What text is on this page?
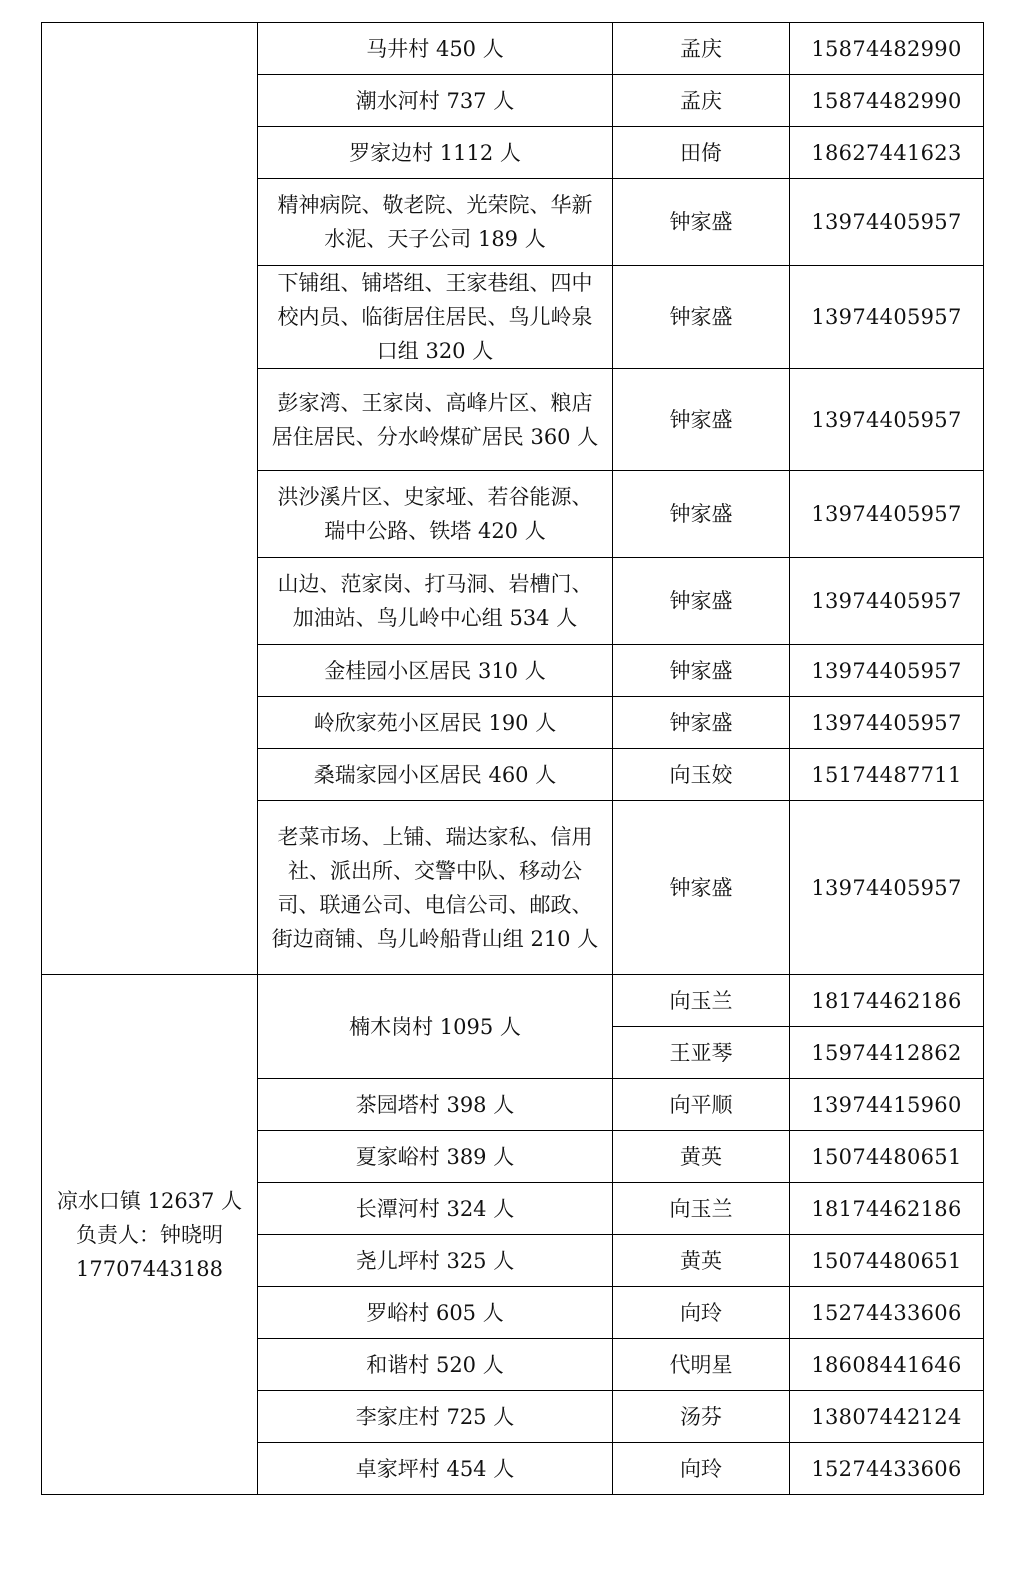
	马井村 450 人	孟庆	15874482990
	潮水河村 737 人	孟庆	15874482990
	罗家边村 1112 人	田倚	18627441623
	精神病院、敬老院、光荣院、华新水泥、天子公司 189 人	钟家盛	13974405957
	下铺组、铺塔组、王家巷组、四中校内员、临街居住居民、鸟儿岭泉口组 320 人	钟家盛	13974405957
	彭家湾、王家岗、高峰片区、粮店居住居民、分水岭煤矿居民 360 人	钟家盛	13974405957
	洪沙溪片区、史家垭、若谷能源、瑞中公路、铁塔 420 人	钟家盛	13974405957
	山边、范家岗、打马洞、岩槽门、加油站、鸟儿岭中心组 534 人	钟家盛	13974405957
	金桂园小区居民 310 人	钟家盛	13974405957
	岭欣家苑小区居民 190 人	钟家盛	13974405957
	桑瑞家园小区居民 460 人	向玉姣	15174487711
	老菜市场、上铺、瑞达家私、信用社、派出所、交警中队、移动公司、联通公司、电信公司、邮政、街边商铺、鸟儿岭船背山组 210 人	钟家盛	13974405957

凉水口镇 12637 人
负责人：钟晓明
17707443188	楠木岗村 1095 人	向玉兰	18174462186
		王亚琴	15974412862
	茶园塔村 398 人	向平顺	13974415960
	夏家峪村 389 人	黄英	15074480651
	长潭河村 324 人	向玉兰	18174462186
	尧儿坪村 325 人	黄英	15074480651
	罗峪村 605 人	向玲	15274433606
	和谐村 520 人	代明星	18608441646
	李家庄村 725 人	汤芬	13807442124
	卓家坪村 454 人	向玲	15274433606
